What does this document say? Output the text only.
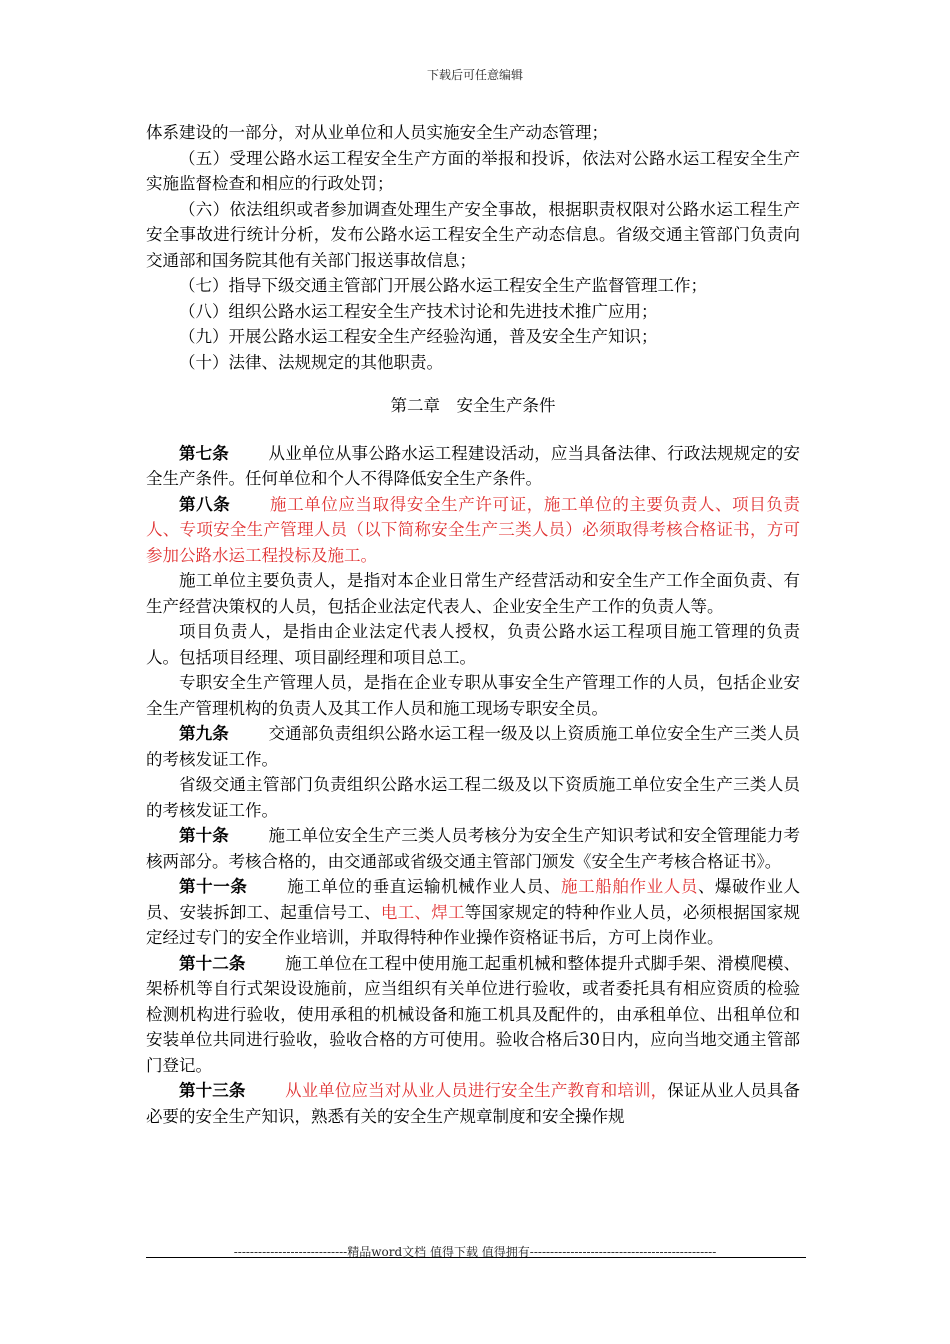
下载后可任意编辑

体系建设的一部分，对从业单位和人员实施安全生产动态管理；

（五）受理公路水运工程安全生产方面的举报和投诉，依法对公路水运工程安全生产实施监督检查和相应的行政处罚；

（六）依法组织或者参加调查处理生产安全事故，根据职责权限对公路水运工程生产安全事故进行统计分析，发布公路水运工程安全生产动态信息。省级交通主管部门负责向交通部和国务院其他有关部门报送事故信息；

（七）指导下级交通主管部门开展公路水运工程安全生产监督管理工作；

（八）组织公路水运工程安全生产技术讨论和先进技术推广应用；

（九）开展公路水运工程安全生产经验沟通，普及安全生产知识；

（十）法律、法规规定的其他职责。

第二章　安全生产条件

第七条 从业单位从事公路水运工程建设活动，应当具备法律、行政法规规定的安全生产条件。任何单位和个人不得降低安全生产条件。

第八条 施工单位应当取得安全生产许可证，施工单位的主要负责人、项目负责人、专项安全生产管理人员（以下简称安全生产三类人员）必须取得考核合格证书，方可参加公路水运工程投标及施工。

施工单位主要负责人，是指对本企业日常生产经营活动和安全生产工作全面负责、有生产经营决策权的人员，包括企业法定代表人、企业安全生产工作的负责人等。

项目负责人，是指由企业法定代表人授权，负责公路水运工程项目施工管理的负责人。包括项目经理、项目副经理和项目总工。

专职安全生产管理人员，是指在企业专职从事安全生产管理工作的人员，包括企业安全生产管理机构的负责人及其工作人员和施工现场专职安全员。

第九条 交通部负责组织公路水运工程一级及以上资质施工单位安全生产三类人员的考核发证工作。

省级交通主管部门负责组织公路水运工程二级及以下资质施工单位安全生产三类人员的考核发证工作。

第十条 施工单位安全生产三类人员考核分为安全生产知识考试和安全管理能力考核两部分。考核合格的，由交通部或省级交通主管部门颁发《安全生产考核合格证书》。

第十一条 施工单位的垂直运输机械作业人员、施工船舶作业人员、爆破作业人员、安装拆卸工、起重信号工、电工、焊工等国家规定的特种作业人员，必须根据国家规定经过专门的安全作业培训，并取得特种作业操作资格证书后，方可上岗作业。

第十二条 施工单位在工程中使用施工起重机械和整体提升式脚手架、滑模爬模、架桥机等自行式架设设施前，应当组织有关单位进行验收，或者委托具有相应资质的检验检测机构进行验收，使用承租的机械设备和施工机具及配件的，由承租单位、出租单位和安装单位共同进行验收，验收合格的方可使用。验收合格后30日内，应向当地交通主管部门登记。

第十三条 从业单位应当对从业人员进行安全生产教育和培训，保证从业人员具备必要的安全生产知识，熟悉有关的安全生产规章制度和安全操作规

----------------------------精品word文档 值得下载 值得拥有----------------------------------------------
